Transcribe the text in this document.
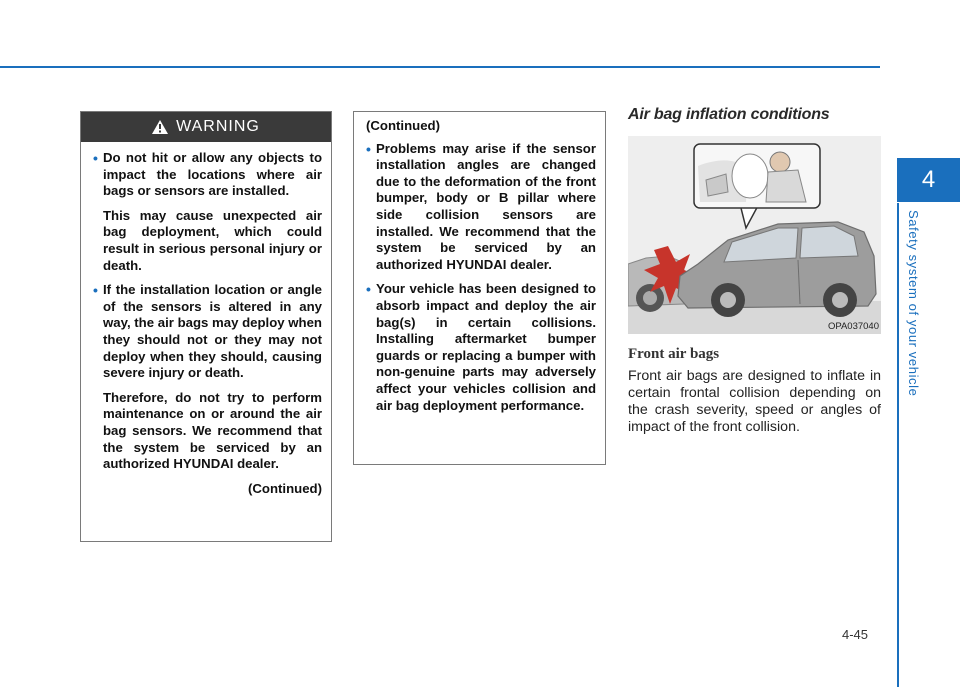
WARNING
• Do not hit or allow any objects to impact the locations where air bags or sensors are installed.
This may cause unexpected air bag deployment, which could result in serious personal injury or death.
• If the installation location or angle of the sensors is altered in any way, the air bags may deploy when they should not or they may not deploy when they should, causing severe injury or death.
Therefore, do not try to perform maintenance on or around the air bag sensors. We recommend that the system be serviced by an authorized HYUNDAI dealer.
(Continued)
(Continued)
• Problems may arise if the sensor installation angles are changed due to the deformation of the front bumper, body or B pillar where side collision sensors are installed. We recommend that the system be serviced by an authorized HYUNDAI dealer.
• Your vehicle has been designed to absorb impact and deploy the air bag(s) in certain collisions. Installing aftermarket bumper guards or replacing a bumper with non-genuine parts may adversely affect your vehicles collision and air bag deployment performance.
Air bag inflation conditions
OPA037040
Front air bags
Front air bags are designed to inflate in certain frontal collision depending on the crash severity, speed or angles of impact of the front collision.
4
Safety system of your vehicle
4-45
